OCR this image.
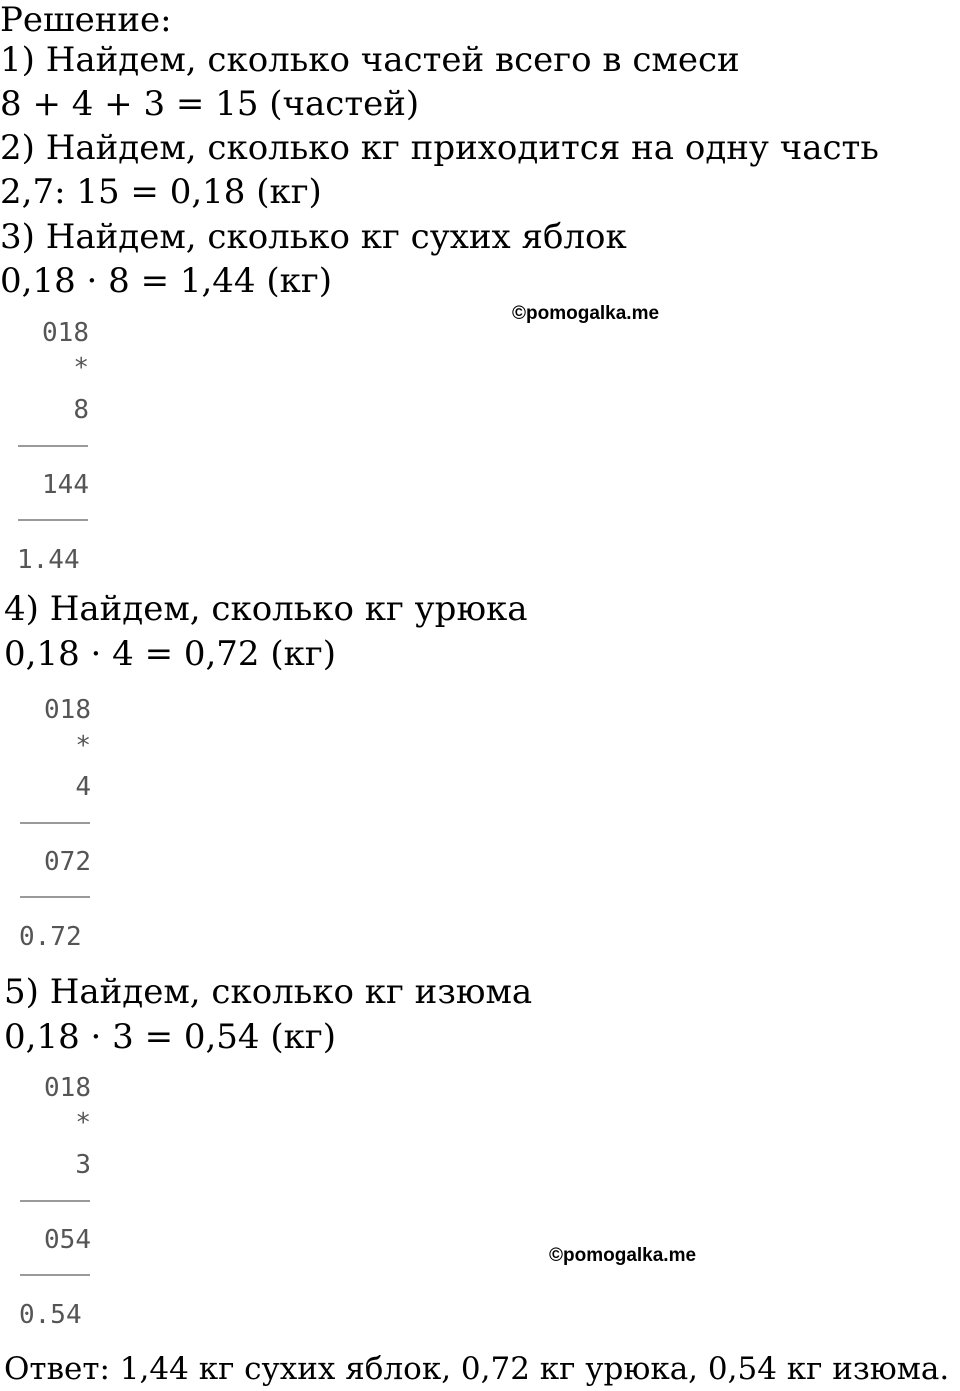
Решение:
1) Найдем, сколько частей всего в смеси
8 + 4 + 3 = 15 (частей)
2) Найдем, сколько кг приходится на одну часть
2,7: 15 = 0,18 (кг)
3) Найдем, сколько кг сухих яблок
0,18 · 8 = 1,44 (кг)
©pomogalka.me
018
*
8
144
1.44
4) Найдем, сколько кг урюка
0,18 · 4 = 0,72 (кг)
018
*
4
072
0.72
5) Найдем, сколько кг изюма
0,18 · 3 = 0,54 (кг)
018
*
3
054
0.54
©pomogalka.me
Ответ: 1,44 кг сухих яблок, 0,72 кг урюка, 0,54 кг изюма.
